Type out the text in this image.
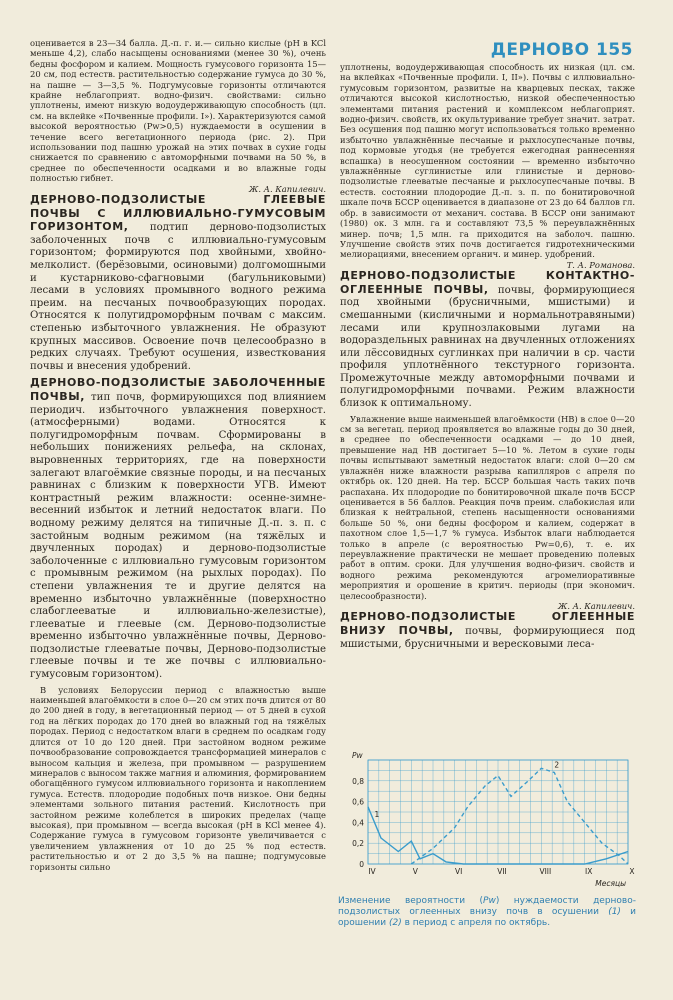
ДЕРНОВО 155

оценивается в 23—34 балла. Д.-п. г. и.— сильно кислые (рН в KCl меньше 4,2), слабо насыщены основаниями (менее 30 %), очень бедны фосфором и калием. Мощность гумусового горизонта 15—20 см, под естеств. растительностью содержание гумуса до 30 %, на пашне — 3—3,5 %. Подгумусовые горизонты отличаются крайне неблагоприят. водно-физич. свойствами: сильно уплотнены, имеют низкую водоудерживающую способность (цл. см. на вклейке «Почвенные профили. I»). Характеризуются самой высокой вероятностью (Pw>0,5) нуждаемости в осушении в течение всего вегетационного периода (рис. 2). При использовании под пашню урожай на этих почвах в сухие годы снижается по сравнению с автоморфными почвами на 50 %, в среднее по обеспеченности осадками и во влажные годы полностью гибнет.

Ж. А. Капилевич.

ДЕРНОВО-ПОДЗОЛИСТЫЕ ГЛЕЕВЫЕ ПОЧВЫ С ИЛЛЮВИАЛЬНО-ГУМУСОВЫМ ГОРИЗОНТОМ, подтип дерново-подзолистых заболоченных почв с иллювиально-гумусовым горизонтом; формируются под хвойными, хвойно-мелколист. (берёзовыми, осиновыми) долгомошными и кустарниково-сфагновыми (багульниковыми) лесами в условиях промывного водного режима преим. на песчаных почвообразующих породах. Относятся к полугидроморфным почвам с максим. степенью избыточного увлажнения. Не образуют крупных массивов. Освоение почв целесообразно в редких случаях. Требуют осушения, известкования почвы и внесения удобрений.

ДЕРНОВО-ПОДЗОЛИСТЫЕ ЗАБОЛОЧЕННЫЕ ПОЧВЫ, тип почв, формирующихся под влиянием периодич. избыточного увлажнения поверхност. (атмосферными) водами. Относятся к полугидроморфным почвам. Сформированы в небольших понижениях рельефа, на склонах, выровненных территориях, где на поверхности залегают влагоёмкие связные породы, и на песчаных равнинах с близким к поверхности УГВ. Имеют контрастный режим влажности: осенне-зимне-весенний избыток и летний недостаток влаги. По водному режиму делятся на типичные Д.-п. з. п. с застойным водным режимом (на тяжёлых и двучленных породах) и дерново-подзолистые заболоченные с иллювиально гумусовым горизонтом с промывным режимом (на рыхлых породах). По степени увлажнения те и другие делятся на временно избыточно увлажнённые (поверхностно слабоглееватые и иллювиально-железистые), глееватые и глеевые (см. Дерново-подзолистые временно избыточно увлажнённые почвы, Дерново-подзолистые глееватые почвы, Дерново-подзолистые глеевые почвы и те же почвы с иллювиально-гумусовым горизонтом).

В условиях Белоруссии период с влажностью выше наименьшей влагоёмкости в слое 0—20 см этих почв длится от 80 до 200 дней в году, в вегетационный период — от 5 дней в сухой год на лёгких породах до 170 дней во влажный год на тяжёлых породах. Период с недостатком влаги в среднем по осадкам году длится от 10 до 120 дней. При застойном водном режиме почвообразование сопровождается трансформацией минералов с выносом кальция и железа, при промывном — разрушением минералов с выносом также магния и алюминия, формированием обогащённого гумусом иллювиального горизонта и накоплением гумуса. Естеств. плодородие подобных почв низкое. Они бедны элементами зольного питания растений. Кислотность при застойном режиме колеблется в широких пределах (чаще высокая), при промывном — всегда высокая (рН в KCl менее 4). Содержание гумуса в гумусовом горизонте увеличивается с увеличением увлажнения от 10 до 25 % под естеств. растительностью и от 2 до 3,5 % на пашне; подгумусовые горизонты сильно

уплотнены, водоудерживающая способность их низкая (цл. см. на вклейках «Почвенные профили. I, II»). Почвы с иллювиально-гумусовым горизонтом, развитые на кварцевых песках, также отличаются высокой кислотностью, низкой обеспеченностью элементами питания растений и комплексом неблагоприят. водно-физич. свойств, их окультуривание требует значит. затрат. Без осушения под пашню могут использоваться только временно избыточно увлажнённые песчаные и рыхлосупесчаные почвы, под кормовые угодья (не требуется ежегодная раннесенняя вспашка) в неосушенном состоянии — временно избыточно увлажнённые суглинистые или глинистые и дерново-подзолистые глееватые песчаные и рыхлосупесчаные почвы. В естеств. состоянии плодородие Д.-п. з. п. по бонитировочной шкале почв БССР оценивается в диапазоне от 23 до 64 баллов гл. обр. в зависимости от механич. состава. В БССР они занимают (1980) ок. 3 млн. га и составляют 73,5 % переувлажнённых минер. почв; 1,5 млн. га приходится на заболоч. пашню. Улучшение свойств этих почв достигается гидротехническими мелиорациями, внесением органич. и минер. удобрений.

Т. А. Романова.

ДЕРНОВО-ПОДЗОЛИСТЫЕ КОНТАКТНО-ОГЛЕЕННЫЕ ПОЧВЫ, почвы, формирующиеся под хвойными (брусничными, мшистыми) и смешанными (кисличными и нормальнотравяными) лесами или крупнозлаковыми лугами на водораздельных равнинах на двучленных отложениях или лёссовидных суглинках при наличии в ср. части профиля уплотнённого текстурного горизонта. Промежуточные между автоморфными почвами и полугидроморфными почвами. Режим влажности близок к оптимальному.

Увлажнение выше наименьшей влагоёмкости (НВ) в слое 0—20 см за вегетац. период проявляется во влажные годы до 30 дней, в среднее по обеспеченности осадками — до 10 дней, превышение над НВ достигает 5—10 %. Летом в сухие годы почвы испытывают заметный недостаток влаги: слой 0—20 см увлажнён ниже влажности разрыва капилляров с апреля по октябрь ок. 120 дней. На тер. БССР большая часть таких почв распахана. Их плодородие по бонитировочной шкале почв БССР оценивается в 56 баллов. Реакция почв преим. слабокислая или близкая к нейтральной, степень насыщенности основаниями больше 50 %, они бедны фосфором и калием, содержат в пахотном слое 1,5—1,7 % гумуса. Избыток влаги наблюдается только в апреле (с вероятностью Pw=0,6), т. е. их переувлажнение практически не мешает проведению полевых работ в оптим. сроки. Для улучшения водно-физич. свойств и водного режима рекомендуются агромелиоративные мероприятия и орошение в критич. периоды (при экономич. целесообразности).

Ж. А. Капилевич.

ДЕРНОВО-ПОДЗОЛИСТЫЕ ОГЛЕЕННЫЕ ВНИЗУ ПОЧВЫ, почвы, формирующиеся под мшистыми, брусничными и вересковыми леса-

0
0,2
0,4
0,6
0,8
IV	V	VI	VII	VIII	IX	X
Pw
Месяцы
1
2
Изменение вероятности (Pw) нуждаемости дерново-подзолистых оглеенных внизу почв в осушении (1) и орошении (2) в период с апреля по октябрь.
